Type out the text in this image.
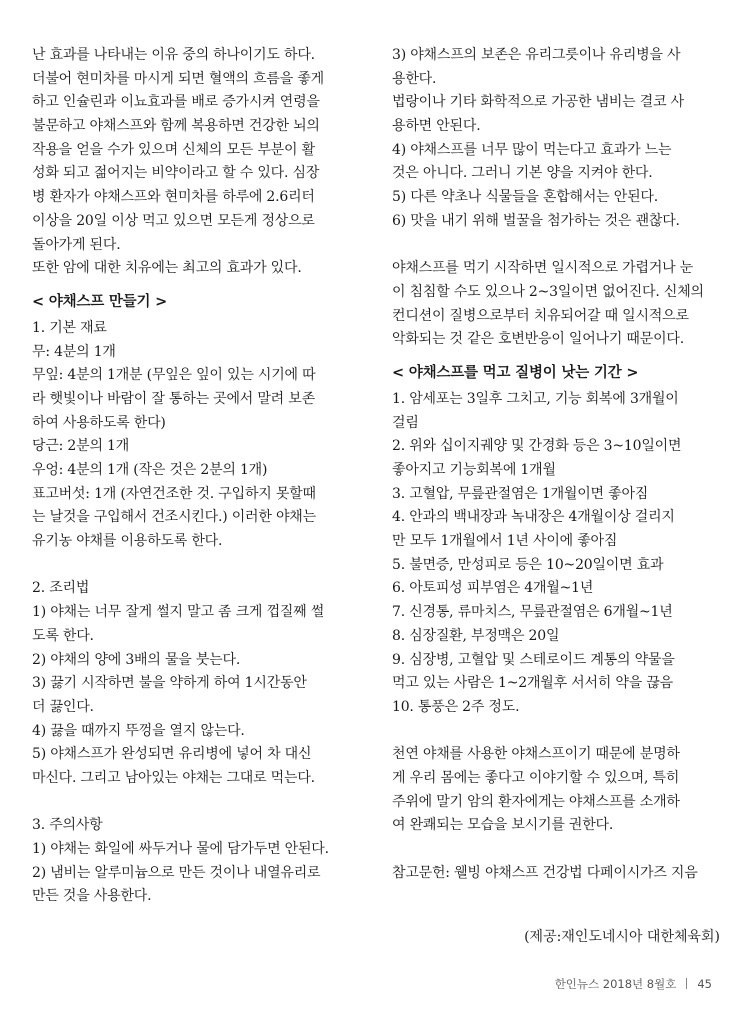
난 효과를 나타내는 이유 중의 하나이기도 하다.
더불어 현미차를 마시게 되면 혈액의 흐름을 좋게
하고 인슐린과 이뇨효과를 배로 증가시켜 연령을
불문하고 야채스프와 함께 복용하면 건강한 뇌의
작용을 얻을 수가 있으며 신체의 모든 부분이 활
성화 되고 젊어지는 비약이라고 할 수 있다. 심장
병 환자가 야채스프와 현미차를 하루에 2.6리터
이상을 20일 이상 먹고 있으면 모든게 정상으로
돌아가게 된다.
또한 암에 대한 치유에는 최고의 효과가 있다.
< 야채스프 만들기 >
1. 기본 재료
무: 4분의 1개
무잎: 4분의 1개분 (무잎은 잎이 있는 시기에 따
라 햇빛이나 바람이 잘 통하는 곳에서 말려 보존
하여 사용하도록 한다)
당근: 2분의 1개
우엉: 4분의 1개 (작은 것은 2분의 1개)
표고버섯: 1개 (자연건조한 것. 구입하지 못할때
는 날것을 구입해서 건조시킨다.) 이러한 야채는
유기농 야채를 이용하도록 한다.
2. 조리법
1) 야채는 너무 잘게 썰지 말고 좀 크게 껍질째 썰
도록 한다.
2) 야채의 양에 3배의 물을 붓는다.
3) 끓기 시작하면 불을 약하게 하여 1시간동안
더 끓인다.
4) 끓을 때까지 뚜껑을 열지 않는다.
5) 야채스프가 완성되면 유리병에 넣어 차 대신
마신다. 그리고 남아있는 야채는 그대로 먹는다.
3. 주의사항
1) 야채는 화일에 싸두거나 물에 담가두면 안된다.
2) 냄비는 알루미늄으로 만든 것이나 내열유리로
만든 것을 사용한다.
3) 야채스프의 보존은 유리그릇이나 유리병을 사
용한다.
법랑이나 기타 화학적으로 가공한 냄비는 결코 사
용하면 안된다.
4) 야채스프를 너무 많이 먹는다고 효과가 느는
것은 아니다. 그러니 기본 양을 지켜야 한다.
5) 다른 약초나 식물들을 혼합해서는 안된다.
6) 맛을 내기 위해 벌꿀을 첨가하는 것은 괜찮다.
야채스프를 먹기 시작하면 일시적으로 가렵거나 눈
이 침침할 수도 있으나 2~3일이면 없어진다. 신체의
컨디션이 질병으로부터 치유되어갈 때 일시적으로
악화되는 것 같은 호변반응이 일어나기 때문이다.
< 야채스프를 먹고 질병이 낫는 기간 >
1. 암세포는 3일후 그치고, 기능 회복에 3개월이
걸림
2. 위와 십이지궤양 및 간경화 등은 3~10일이면
좋아지고 기능회복에 1개월
3. 고혈압, 무릎관절염은 1개월이면 좋아짐
4. 안과의 백내장과 녹내장은 4개월이상 걸리지
만 모두 1개월에서 1년 사이에 좋아짐
5. 불면증, 만성피로 등은 10~20일이면 효과
6. 아토피성 피부염은 4개월~1년
7. 신경통, 류마치스, 무릎관절염은 6개월~1년
8. 심장질환, 부정맥은 20일
9. 심장병, 고혈압 및 스테로이드 계통의 약물을
먹고 있는 사람은 1~2개월후 서서히 약을 끊음
10. 통풍은 2주 정도.
천연 야채를 사용한 야채스프이기 때문에 분명하
게 우리 몸에는 좋다고 이야기할 수 있으며, 특히
주위에 말기 암의 환자에게는 야채스프를 소개하
여 완쾌되는 모습을 보시기를 권한다.
참고문헌: 웰빙 야채스프 건강법 다페이시가즈 지음
(제공:재인도네시아 대한체육회)
한인뉴스 2018년 8월호 45
